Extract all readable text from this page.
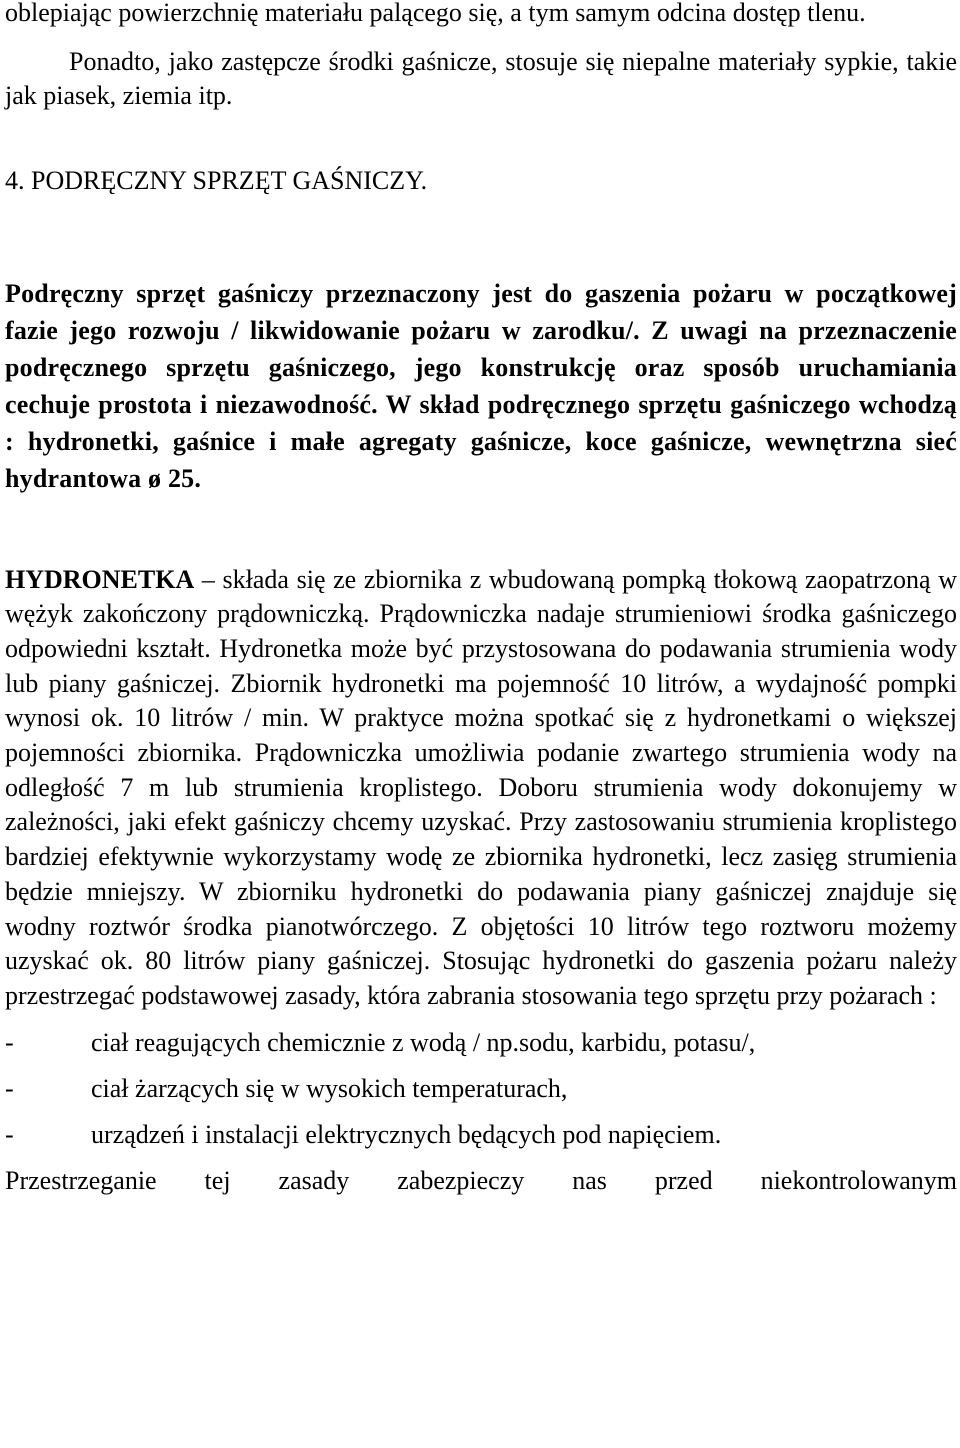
oblepiając powierzchnię materiału palącego się, a tym samym odcina dostęp tlenu.

Ponadto, jako zastępcze środki gaśnicze, stosuje się niepalne materiały sypkie, takie jak piasek, ziemia itp.

4. PODRĘCZNY SPRZĘT GAŚNICZY.

Podręczny sprzęt gaśniczy przeznaczony jest do gaszenia pożaru w początkowej fazie jego rozwoju / likwidowanie pożaru w zarodku/. Z uwagi na przeznaczenie podręcznego sprzętu gaśniczego, jego konstrukcję oraz sposób uruchamiania cechuje prostota i niezawodność. W skład podręcznego sprzętu gaśniczego wchodzą : hydronetki, gaśnice i małe agregaty gaśnicze, koce gaśnicze, wewnętrzna sieć hydrantowa ø 25.

HYDRONETKA – składa się ze zbiornika z wbudowaną pompką tłokową zaopatrzoną w wężyk zakończony prądowniczką. Prądowniczka nadaje strumieniowi środka gaśniczego odpowiedni kształt. Hydronetka może być przystosowana do podawania strumienia wody lub piany gaśniczej. Zbiornik hydronetki ma pojemność 10 litrów, a wydajność pompki wynosi ok. 10 litrów / min. W praktyce można spotkać się z hydronetkami o większej pojemności zbiornika. Prądowniczka umożliwia podanie zwartego strumienia wody na odległość 7 m lub strumienia kroplistego. Doboru strumienia wody dokonujemy w zależności, jaki efekt gaśniczy chcemy uzyskać. Przy zastosowaniu strumienia kroplistego bardziej efektywnie wykorzystamy wodę ze zbiornika hydronetki, lecz zasięg strumienia będzie mniejszy. W zbiorniku hydronetki do podawania piany gaśniczej znajduje się wodny roztwór środka pianotwórczego. Z objętości 10 litrów tego roztworu możemy uzyskać ok. 80 litrów piany gaśniczej. Stosując hydronetki do gaszenia pożaru należy przestrzegać podstawowej zasady, która zabrania stosowania tego sprzętu przy pożarach :

-	ciał reagujących chemicznie z wodą / np.sodu, karbidu, potasu/,
-	ciał żarzących się w wysokich temperaturach,
-	urządzeń i instalacji elektrycznych będących pod napięciem.

Przestrzeganie tej zasady zabezpieczy nas przed niekontrolowanym
